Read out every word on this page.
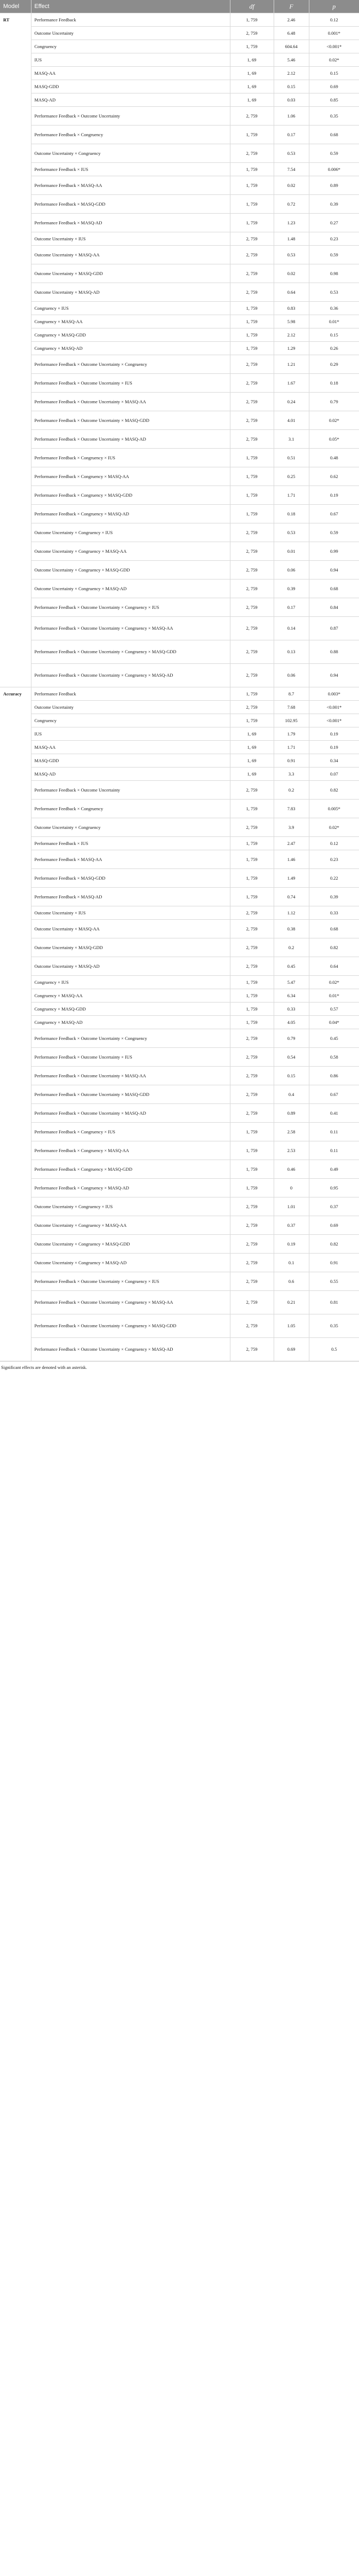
Model	Effect	df	F	p
RT	Performance Feedback	1, 759	2.46	0.12
	Outcome Uncertainty	2, 759	6.48	0.001*
	Congruency	1, 759	604.64	<0.001*
	IUS	1, 69	5.46	0.02*
	MASQ-AA	1, 69	2.12	0.15
	MASQ-GDD	1, 69	0.15	0.69
	MASQ-AD	1, 69	0.03	0.85
	Performance Feedback × Outcome Uncertainty	2, 759	1.06	0.35
	Performance Feedback × Congruency	1, 759	0.17	0.68
	Outcome Uncertainty × Congruency	2, 759	0.53	0.59
	Performance Feedback × IUS	1, 759	7.54	0.006*
	Performance Feedback × MASQ-AA	1, 759	0.02	0.89
	Performance Feedback × MASQ-GDD	1, 759	0.72	0.39
	Performance Feedback × MASQ-AD	1, 759	1.23	0.27
	Outcome Uncertainty × IUS	2, 759	1.48	0.23
	Outcome Uncertainty × MASQ-AA	2, 759	0.53	0.59
	Outcome Uncertainty × MASQ-GDD	2, 759	0.02	0.98
	Outcome Uncertainty × MASQ-AD	2, 759	0.64	0.53
	Congruency × IUS	1, 759	0.83	0.36
	Congruency × MASQ-AA	1, 759	5.98	0.01*
	Congruency × MASQ-GDD	1, 759	2.12	0.15
	Congruency × MASQ-AD	1, 759	1.29	0.26
	Performance Feedback × Outcome Uncertainty × Congruency	2, 759	1.21	0.29
	Performance Feedback × Outcome Uncertainty × IUS	2, 759	1.67	0.18
	Performance Feedback × Outcome Uncertainty × MASQ-AA	2, 759	0.24	0.79
	Performance Feedback × Outcome Uncertainty × MASQ-GDD	2, 759	4.01	0.02*
	Performance Feedback × Outcome Uncertainty × MASQ-AD	2, 759	3.1	0.05*
	Performance Feedback × Congruency × IUS	1, 759	0.51	0.48
	Performance Feedback × Congruency × MASQ-AA	1, 759	0.25	0.62
	Performance Feedback × Congruency × MASQ-GDD	1, 759	1.71	0.19
	Performance Feedback × Congruency × MASQ-AD	1, 759	0.18	0.67
	Outcome Uncertainty × Congruency × IUS	2, 759	0.53	0.59
	Outcome Uncertainty × Congruency × MASQ-AA	2, 759	0.01	0.99
	Outcome Uncertainty × Congruency × MASQ-GDD	2, 759	0.06	0.94
	Outcome Uncertainty × Congruency × MASQ-AD	2, 759	0.39	0.68
	Performance Feedback × Outcome Uncertainty × Congruency × IUS	2, 759	0.17	0.84
	Performance Feedback × Outcome Uncertainty × Congruency × MASQ-AA	2, 759	0.14	0.87
	Performance Feedback × Outcome Uncertainty × Congruency × MASQ-GDD	2, 759	0.13	0.88
	Performance Feedback × Outcome Uncertainty × Congruency × MASQ-AD	2, 759	0.06	0.94
Accuracy	Performance Feedback	1, 759	8.7	0.003*
	Outcome Uncertainty	2, 759	7.68	<0.001*
	Congruency	1, 759	102.95	<0.001*
	IUS	1, 69	1.79	0.19
	MASQ-AA	1, 69	1.71	0.19
	MASQ-GDD	1, 69	0.91	0.34
	MASQ-AD	1, 69	3.3	0.07
	Performance Feedback × Outcome Uncertainty	2, 759	0.2	0.82
	Performance Feedback × Congruency	1, 759	7.83	0.005*
	Outcome Uncertainty × Congruency	2, 759	3.9	0.02*
	Performance Feedback × IUS	1, 759	2.47	0.12
	Performance Feedback × MASQ-AA	1, 759	1.46	0.23
	Performance Feedback × MASQ-GDD	1, 759	1.49	0.22
	Performance Feedback × MASQ-AD	1, 759	0.74	0.39
	Outcome Uncertainty × IUS	2, 759	1.12	0.33
	Outcome Uncertainty × MASQ-AA	2, 759	0.38	0.68
	Outcome Uncertainty × MASQ-GDD	2, 759	0.2	0.82
	Outcome Uncertainty × MASQ-AD	2, 759	0.45	0.64
	Congruency × IUS	1, 759	5.47	0.02*
	Congruency × MASQ-AA	1, 759	6.34	0.01*
	Congruency × MASQ-GDD	1, 759	0.33	0.57
	Congruency × MASQ-AD	1, 759	4.05	0.04*
	Performance Feedback × Outcome Uncertainty × Congruency	2, 759	0.79	0.45
	Performance Feedback × Outcome Uncertainty × IUS	2, 759	0.54	0.58
	Performance Feedback × Outcome Uncertainty × MASQ-AA	2, 759	0.15	0.86
	Performance Feedback × Outcome Uncertainty × MASQ-GDD	2, 759	0.4	0.67
	Performance Feedback × Outcome Uncertainty × MASQ-AD	2, 759	0.89	0.41
	Performance Feedback × Congruency × IUS	1, 759	2.58	0.11
	Performance Feedback × Congruency × MASQ-AA	1, 759	2.53	0.11
	Performance Feedback × Congruency × MASQ-GDD	1, 759	0.46	0.49
	Performance Feedback × Congruency × MASQ-AD	1, 759	0	0.95
	Outcome Uncertainty × Congruency × IUS	2, 759	1.01	0.37
	Outcome Uncertainty × Congruency × MASQ-AA	2, 759	0.37	0.69
	Outcome Uncertainty × Congruency × MASQ-GDD	2, 759	0.19	0.82
	Outcome Uncertainty × Congruency × MASQ-AD	2, 759	0.1	0.91
	Performance Feedback × Outcome Uncertainty × Congruency × IUS	2, 759	0.6	0.55
	Performance Feedback × Outcome Uncertainty × Congruency × MASQ-AA	2, 759	0.21	0.81
	Performance Feedback × Outcome Uncertainty × Congruency × MASQ-GDD	2, 759	1.05	0.35
	Performance Feedback × Outcome Uncertainty × Congruency × MASQ-AD	2, 759	0.69	0.5
Significant effects are denoted with an asterisk.
